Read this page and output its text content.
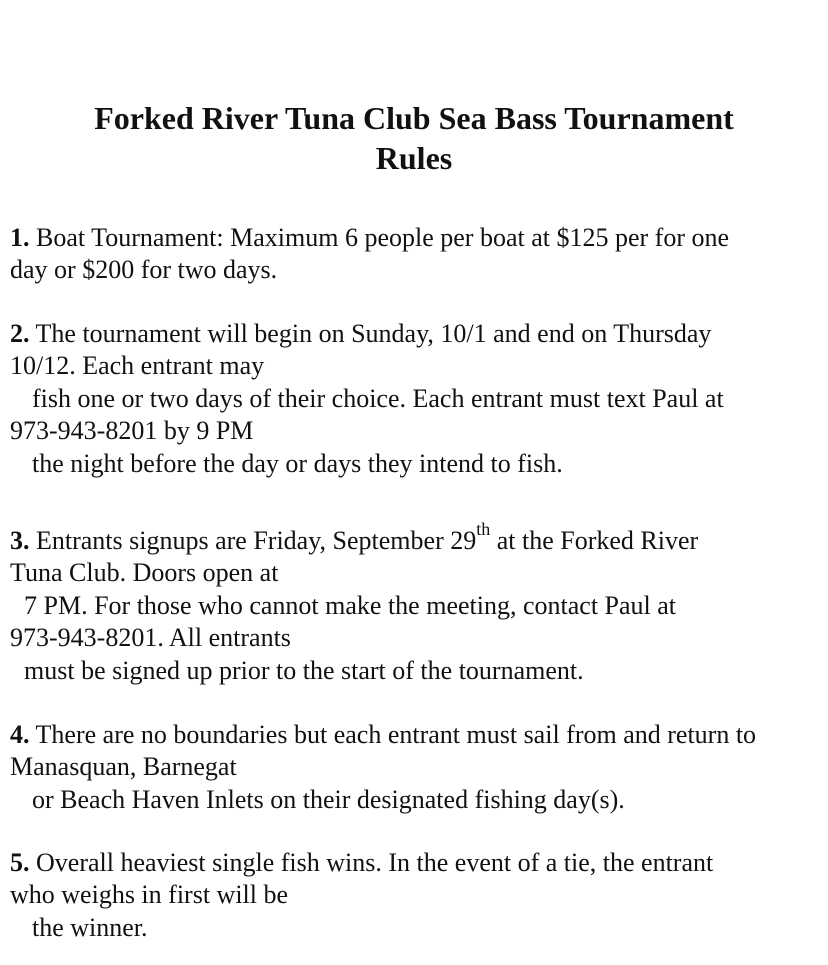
Forked River Tuna Club Sea Bass Tournament
Rules
1. Boat Tournament: Maximum 6 people per boat at $125 per for one
day or $200 for two days.
2. The tournament will begin on Sunday, 10/1 and end on Thursday
10/12. Each entrant may
fish one or two days of their choice. Each entrant must text Paul at
973-943-8201 by 9 PM
the night before the day or days they intend to fish.
3. Entrants signups are Friday, September 29th at the Forked River
Tuna Club. Doors open at
7 PM. For those who cannot make the meeting, contact Paul at
973-943-8201. All entrants
must be signed up prior to the start of the tournament.
4. There are no boundaries but each entrant must sail from and return to
Manasquan, Barnegat
or Beach Haven Inlets on their designated fishing day(s).
5. Overall heaviest single fish wins. In the event of a tie, the entrant
who weighs in first will be
the winner.
